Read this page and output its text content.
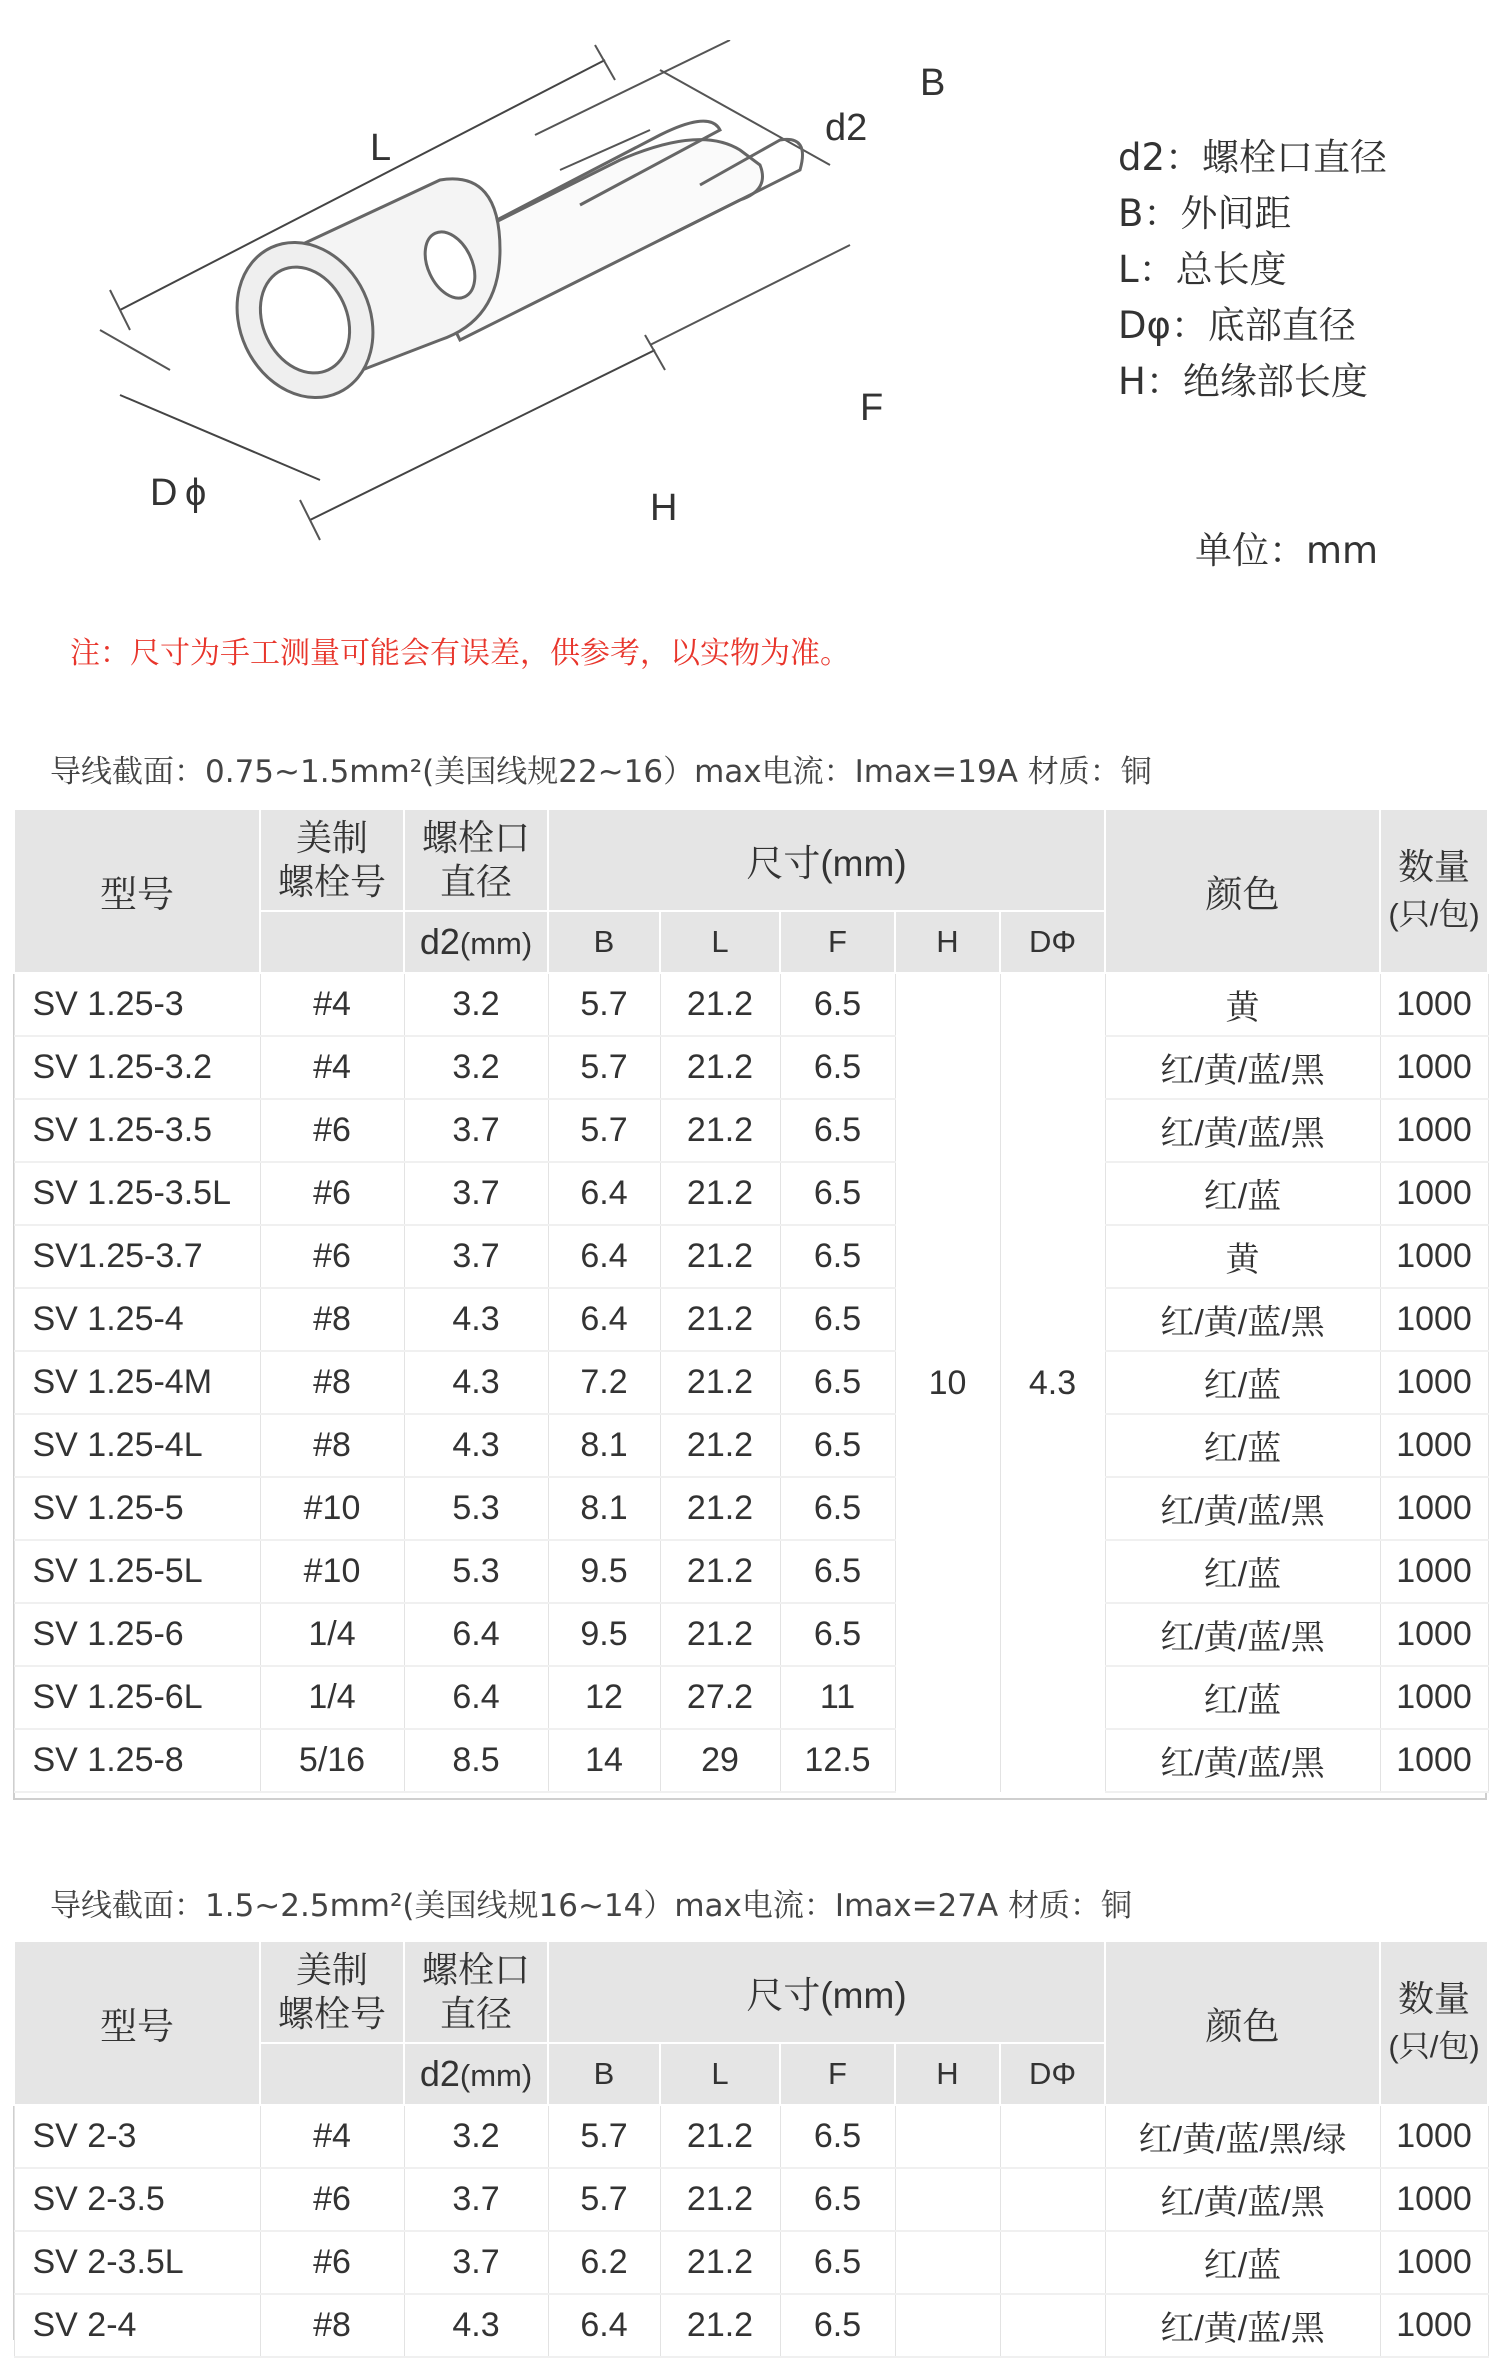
L
B
d2
F
H
D ϕ
d2：螺栓口直径
B：外间距
L：总长度
Dφ：底部直径
H：绝缘部长度
单位：mm
注：尺寸为手工测量可能会有误差，供参考，以实物为准。
导线截面：0.75~1.5mm²(美国线规22~16）max电流：Imax=19A 材质：铜
型号	美制
螺栓号	螺栓口
直径	尺寸(mm)					颜色	数量
(只/包)
		d2(mm)	B	L	F	H	DΦ		
SV 1.25-3	#4	3.2	5.7	21.2	6.5	10	4.3	黄	1000
SV 1.25-3.2	#4	3.2	5.7	21.2	6.5			红/黄/蓝/黑	1000
SV 1.25-3.5	#6	3.7	5.7	21.2	6.5			红/黄/蓝/黑	1000
SV 1.25-3.5L	#6	3.7	6.4	21.2	6.5			红/蓝	1000
SV1.25-3.7	#6	3.7	6.4	21.2	6.5			黄	1000
SV 1.25-4	#8	4.3	6.4	21.2	6.5			红/黄/蓝/黑	1000
SV 1.25-4M	#8	4.3	7.2	21.2	6.5			红/蓝	1000
SV 1.25-4L	#8	4.3	8.1	21.2	6.5			红/蓝	1000
SV 1.25-5	#10	5.3	8.1	21.2	6.5			红/黄/蓝/黑	1000
SV 1.25-5L	#10	5.3	9.5	21.2	6.5			红/蓝	1000
SV 1.25-6	1/4	6.4	9.5	21.2	6.5			红/黄/蓝/黑	1000
SV 1.25-6L	1/4	6.4	12	27.2	11			红/蓝	1000
SV 1.25-8	5/16	8.5	14	29	12.5			红/黄/蓝/黑	1000
导线截面：1.5~2.5mm²(美国线规16~14）max电流：Imax=27A 材质：铜
型号	美制
螺栓号	螺栓口
直径	尺寸(mm)					颜色	数量
(只/包)
		d2(mm)	B	L	F	H	DΦ		
SV 2-3	#4	3.2	5.7	21.2	6.5			红/黄/蓝/黑/绿	1000
SV 2-3.5	#6	3.7	5.7	21.2	6.5			红/黄/蓝/黑	1000
SV 2-3.5L	#6	3.7	6.2	21.2	6.5			红/蓝	1000
SV 2-4	#8	4.3	6.4	21.2	6.5			红/黄/蓝/黑	1000
